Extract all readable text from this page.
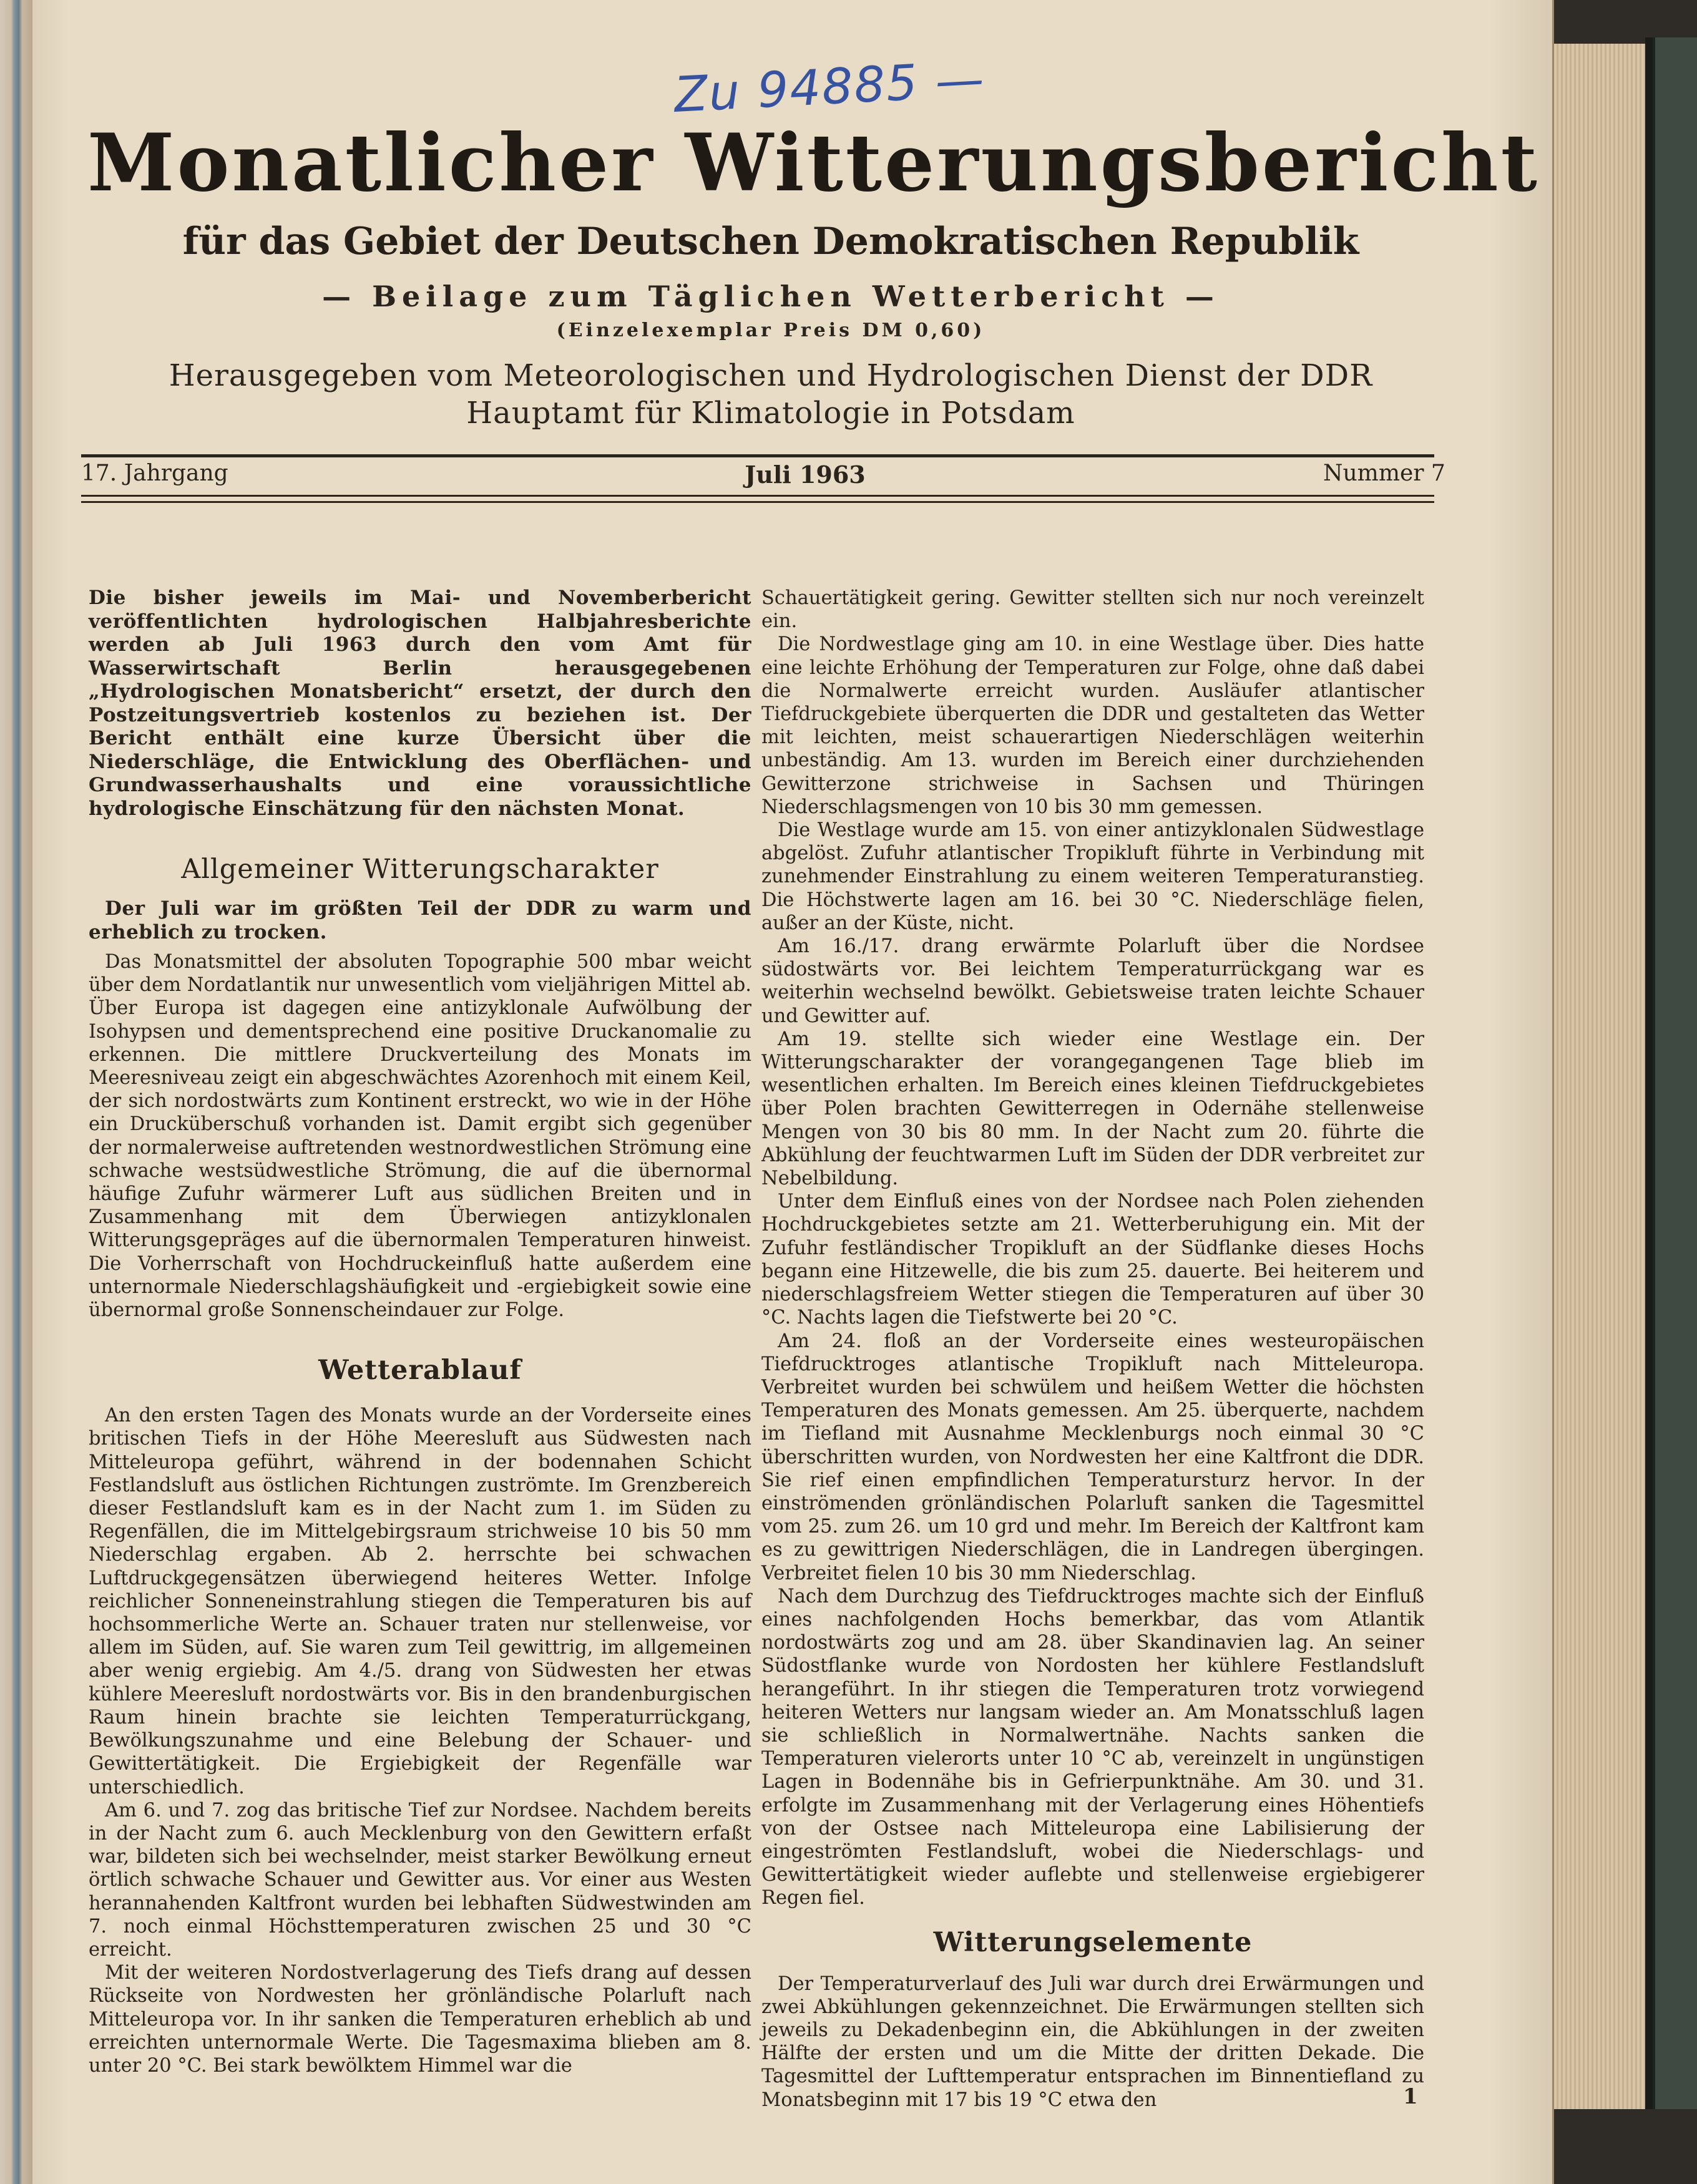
Zu 94885 —
Monatlicher Witterungsbericht
für das Gebiet der Deutschen Demokratischen Republik
— Beilage zum Täglichen Wetterbericht —
(Einzelexemplar Preis DM 0,60)
Herausgegeben vom Meteorologischen und Hydrologischen Dienst der DDR
Hauptamt für Klimatologie in Potsdam
17. Jahrgang	Juli 1963	Nummer 7

Die bisher jeweils im Mai- und Novemberbericht veröffentlichten hydrologischen Halbjahresberichte werden ab Juli 1963 durch den vom Amt für Wasserwirtschaft Berlin herausgegebenen „Hydrologischen Monatsbericht“ ersetzt, der durch den Postzeitungsvertrieb kostenlos zu beziehen ist. Der Bericht enthält eine kurze Übersicht über die Niederschläge, die Entwicklung des Oberflächen- und Grundwasserhaushalts und eine voraussichtliche hydrologische Einschätzung für den nächsten Monat.

Allgemeiner Witterungscharakter

Der Juli war im größten Teil der DDR zu warm und erheblich zu trocken.

Das Monatsmittel der absoluten Topographie 500 mbar weicht über dem Nordatlantik nur unwesentlich vom vieljährigen Mittel ab. Über Europa ist dagegen eine antizyklonale Aufwölbung der Isohypsen und dementsprechend eine positive Druckanomalie zu erkennen. Die mittlere Druckverteilung des Monats im Meeresniveau zeigt ein abgeschwächtes Azorenhoch mit einem Keil, der sich nordostwärts zum Kontinent erstreckt, wo wie in der Höhe ein Drucküberschuß vorhanden ist. Damit ergibt sich gegenüber der normalerweise auftretenden westnordwestlichen Strömung eine schwache westsüdwestliche Strömung, die auf die übernormal häufige Zufuhr wärmerer Luft aus südlichen Breiten und in Zusammenhang mit dem Überwiegen antizyklonalen Witterungsgepräges auf die übernormalen Temperaturen hinweist. Die Vorherrschaft von Hochdruckeinfluß hatte außerdem eine unternormale Niederschlagshäufigkeit und -ergiebigkeit sowie eine übernormal große Sonnenscheindauer zur Folge.

Wetterablauf

An den ersten Tagen des Monats wurde an der Vorderseite eines britischen Tiefs in der Höhe Meeresluft aus Südwesten nach Mitteleuropa geführt, während in der bodennahen Schicht Festlandsluft aus östlichen Richtungen zuströmte. Im Grenzbereich dieser Festlandsluft kam es in der Nacht zum 1. im Süden zu Regenfällen, die im Mittelgebirgsraum strichweise 10 bis 50 mm Niederschlag ergaben. Ab 2. herrschte bei schwachen Luftdruckgegensätzen überwiegend heiteres Wetter. Infolge reichlicher Sonneneinstrahlung stiegen die Temperaturen bis auf hochsommerliche Werte an. Schauer traten nur stellenweise, vor allem im Süden, auf. Sie waren zum Teil gewittrig, im allgemeinen aber wenig ergiebig. Am 4./5. drang von Südwesten her etwas kühlere Meeresluft nordostwärts vor. Bis in den brandenburgischen Raum hinein brachte sie leichten Temperaturrückgang, Bewölkungszunahme und eine Belebung der Schauer- und Gewittertätigkeit. Die Ergiebigkeit der Regenfälle war unterschiedlich.

Am 6. und 7. zog das britische Tief zur Nordsee. Nachdem bereits in der Nacht zum 6. auch Mecklenburg von den Gewittern erfaßt war, bildeten sich bei wechselnder, meist starker Bewölkung erneut örtlich schwache Schauer und Gewitter aus. Vor einer aus Westen herannahenden Kaltfront wurden bei lebhaften Südwestwinden am 7. noch einmal Höchsttemperaturen zwischen 25 und 30 °C erreicht.

Mit der weiteren Nordostverlagerung des Tiefs drang auf dessen Rückseite von Nordwesten her grönländische Polarluft nach Mitteleuropa vor. In ihr sanken die Temperaturen erheblich ab und erreichten unternormale Werte. Die Tagesmaxima blieben am 8. unter 20 °C. Bei stark bewölktem Himmel war die

Schauertätigkeit gering. Gewitter stellten sich nur noch vereinzelt ein.

Die Nordwestlage ging am 10. in eine Westlage über. Dies hatte eine leichte Erhöhung der Temperaturen zur Folge, ohne daß dabei die Normalwerte erreicht wurden. Ausläufer atlantischer Tiefdruckgebiete überquerten die DDR und gestalteten das Wetter mit leichten, meist schauerartigen Niederschlägen weiterhin unbeständig. Am 13. wurden im Bereich einer durchziehenden Gewitterzone strichweise in Sachsen und Thüringen Niederschlagsmengen von 10 bis 30 mm gemessen.

Die Westlage wurde am 15. von einer antizyklonalen Südwestlage abgelöst. Zufuhr atlantischer Tropikluft führte in Verbindung mit zunehmender Einstrahlung zu einem weiteren Temperaturanstieg. Die Höchstwerte lagen am 16. bei 30 °C. Niederschläge fielen, außer an der Küste, nicht.

Am 16./17. drang erwärmte Polarluft über die Nordsee südostwärts vor. Bei leichtem Temperaturrückgang war es weiterhin wechselnd bewölkt. Gebietsweise traten leichte Schauer und Gewitter auf.

Am 19. stellte sich wieder eine Westlage ein. Der Witterungscharakter der vorangegangenen Tage blieb im wesentlichen erhalten. Im Bereich eines kleinen Tiefdruckgebietes über Polen brachten Gewitterregen in Odernähe stellenweise Mengen von 30 bis 80 mm. In der Nacht zum 20. führte die Abkühlung der feuchtwarmen Luft im Süden der DDR verbreitet zur Nebelbildung.

Unter dem Einfluß eines von der Nordsee nach Polen ziehenden Hochdruckgebietes setzte am 21. Wetterberuhigung ein. Mit der Zufuhr festländischer Tropikluft an der Südflanke dieses Hochs begann eine Hitzewelle, die bis zum 25. dauerte. Bei heiterem und niederschlagsfreiem Wetter stiegen die Temperaturen auf über 30 °C. Nachts lagen die Tiefstwerte bei 20 °C.

Am 24. floß an der Vorderseite eines westeuropäischen Tiefdrucktroges atlantische Tropikluft nach Mitteleuropa. Verbreitet wurden bei schwülem und heißem Wetter die höchsten Temperaturen des Monats gemessen. Am 25. überquerte, nachdem im Tiefland mit Ausnahme Mecklenburgs noch einmal 30 °C überschritten wurden, von Nordwesten her eine Kaltfront die DDR. Sie rief einen empfindlichen Temperatursturz hervor. In der einströmenden grönländischen Polarluft sanken die Tagesmittel vom 25. zum 26. um 10 grd und mehr. Im Bereich der Kaltfront kam es zu gewittrigen Niederschlägen, die in Landregen übergingen. Verbreitet fielen 10 bis 30 mm Niederschlag.

Nach dem Durchzug des Tiefdrucktroges machte sich der Einfluß eines nachfolgenden Hochs bemerkbar, das vom Atlantik nordostwärts zog und am 28. über Skandinavien lag. An seiner Südostflanke wurde von Nordosten her kühlere Festlandsluft herangeführt. In ihr stiegen die Temperaturen trotz vorwiegend heiteren Wetters nur langsam wieder an. Am Monatsschluß lagen sie schließlich in Normalwertnähe. Nachts sanken die Temperaturen vielerorts unter 10 °C ab, vereinzelt in ungünstigen Lagen in Bodennähe bis in Gefrierpunktnähe. Am 30. und 31. erfolgte im Zusammenhang mit der Verlagerung eines Höhentiefs von der Ostsee nach Mitteleuropa eine Labilisierung der eingeströmten Festlandsluft, wobei die Niederschlags- und Gewittertätigkeit wieder auflebte und stellenweise ergiebigerer Regen fiel.

Witterungselemente

Der Temperaturverlauf des Juli war durch drei Erwärmungen und zwei Abkühlungen gekennzeichnet. Die Erwärmungen stellten sich jeweils zu Dekadenbeginn ein, die Abkühlungen in der zweiten Hälfte der ersten und um die Mitte der dritten Dekade. Die Tagesmittel der Lufttemperatur entsprachen im Binnentiefland zu Monatsbeginn mit 17 bis 19 °C etwa den	1
